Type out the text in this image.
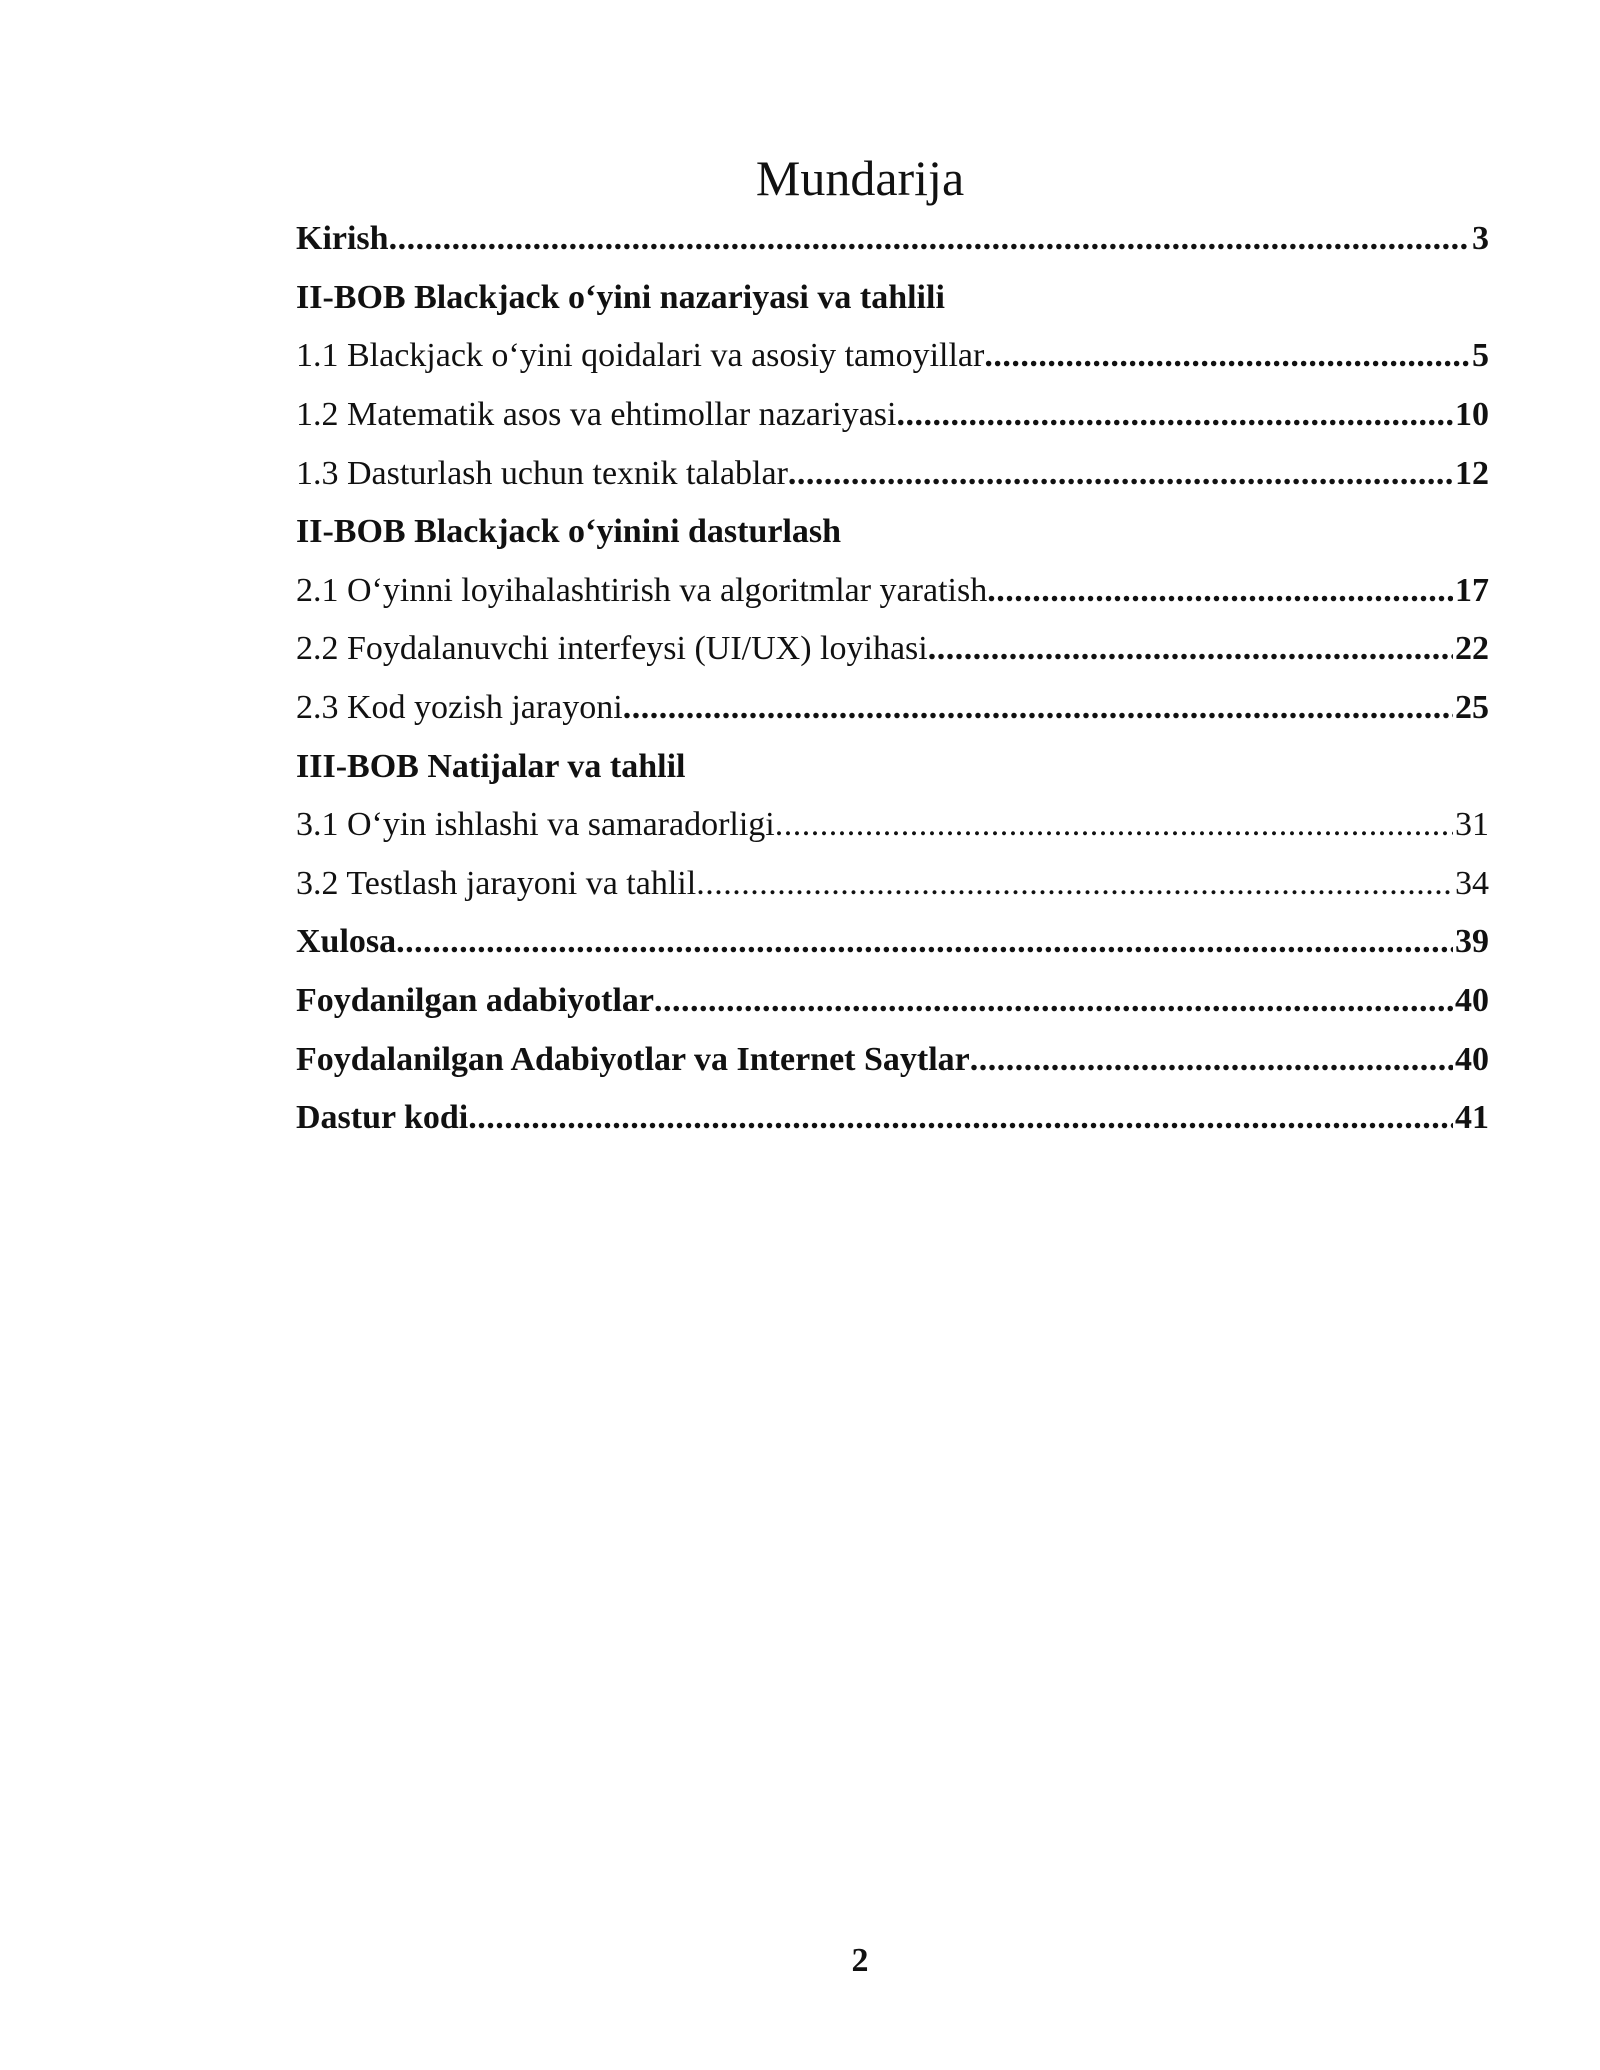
Mundarija
Kirish .....	3
II-BOB Blackjack o‘yini nazariyasi va tahlili
1.1 Blackjack o‘yini qoidalari va asosiy tamoyillar .....	5
1.2 Matematik asos va ehtimollar nazariyasi .....	10
1.3 Dasturlash uchun texnik talablar .....	12
II-BOB Blackjack o‘yinini dasturlash
2.1 O‘yinni loyihalashtirish va algoritmlar yaratish .....	17
2.2 Foydalanuvchi interfeysi (UI/UX) loyihasi .....	22
2.3 Kod yozish jarayoni .....	25
III-BOB Natijalar va tahlil
3.1 O‘yin ishlashi va samaradorligi .....	31
3.2 Testlash jarayoni va tahlil .....	34
Xulosa .....	39
Foydanilgan adabiyotlar .....	40
Foydalanilgan Adabiyotlar va Internet Saytlar .....	40
Dastur kodi .....	41
2
